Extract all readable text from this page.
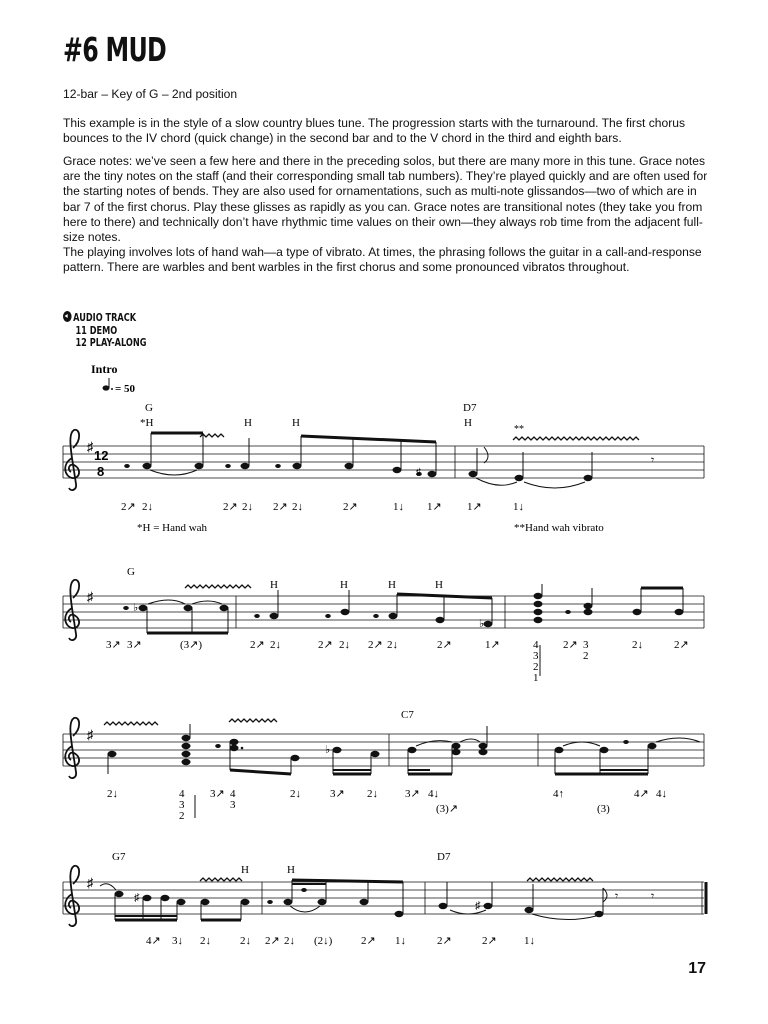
#6 MUD

12-bar – Key of G – 2nd position

This example is in the style of a slow country blues tune. The progression starts with the turnaround. The first chorus bounces to the IV chord (quick change) in the second bar and to the V chord in the third and eighth bars.

Grace notes: we’ve seen a few here and there in the preceding solos, but there are many more in this tune. Grace notes are the tiny notes on the staff (and their corresponding small tab numbers). They’re played quickly and are often used for the starting notes of bends. They are also used for ornamentations, such as multi-note glissandos—two of which are in bar 7 of the first chorus. Play these glisses as rapidly as you can. Grace notes are transitional notes (they take you from here to there) and technically don’t have rhythmic time values on their own—they always rob time from the adjacent full-size notes.

The playing involves lots of hand wah—a type of vibrato. At times, the phrasing follows the guitar in a call-and-response pattern. There are warbles and bent warbles in the first chorus and some pronounced vibratos throughout.

AUDIO TRACK
11 DEMO
12 PLAY-ALONG
Intro
= 50
♯
12
8
G	D7
*H	H	H	H
**
𝄾
♯
2↗ 2↓	2↗ 2↓ 2↗ 2↓	2↗	1↓ 1↗ 1↗	1↓
*H = Hand wah	**Hand wah vibrato
♯
G
H	H	H	H
♭
♭
3↗ 3↗	(3↗)	2↗ 2↓	2↗ 2↓ 2↗ 2↓	2↗	1↗	4
3
2
1
2↗ 3
2
2↓	2↗
♯
C7
♭
2↓	4
3
2
3↗ 4
3
2↓	3↗ 2↓ 3↗ 4↓
(3)↗
4↑	4↗ 4↓
(3)
♯
G7	D7
H	H
♯
♯
𝄾	𝄾
4↗ 3↓ 2↓	2↓ 2↗ 2↓ (2↓)	2↗ 1↓	2↗	2↗ 1↓
17
